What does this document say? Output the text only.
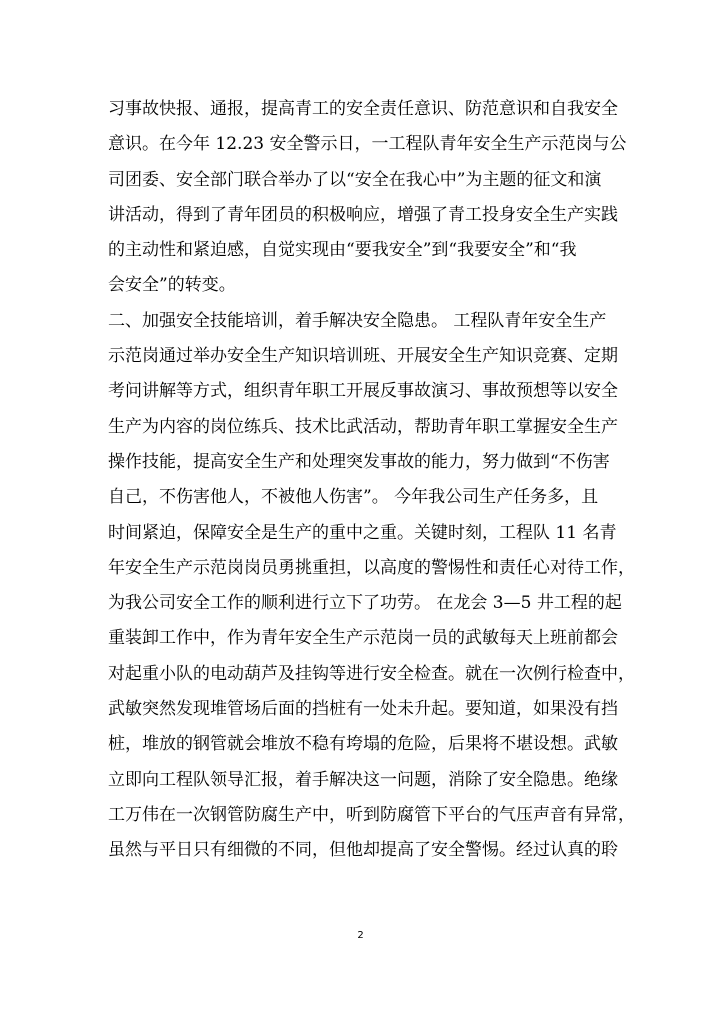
习事故快报、通报，提高青工的安全责任意识、防范意识和自我安全
意识。在今年 12.23 安全警示日，一工程队青年安全生产示范岗与公
司团委、安全部门联合举办了以“安全在我心中”为主题的征文和演
讲活动，得到了青年团员的积极响应，增强了青工投身安全生产实践
的主动性和紧迫感，自觉实现由“要我安全”到“我要安全”和“我
会安全”的转变。
二、加强安全技能培训，着手解决安全隐患。 工程队青年安全生产
示范岗通过举办安全生产知识培训班、开展安全生产知识竞赛、定期
考问讲解等方式，组织青年职工开展反事故演习、事故预想等以安全
生产为内容的岗位练兵、技术比武活动，帮助青年职工掌握安全生产
操作技能，提高安全生产和处理突发事故的能力，努力做到“不伤害
自己，不伤害他人，不被他人伤害”。 今年我公司生产任务多，且
时间紧迫，保障安全是生产的重中之重。关键时刻，工程队 11 名青
年安全生产示范岗岗员勇挑重担，以高度的警惕性和责任心对待工作，
为我公司安全工作的顺利进行立下了功劳。 在龙会 3—5 井工程的起
重装卸工作中，作为青年安全生产示范岗一员的武敏每天上班前都会
对起重小队的电动葫芦及挂钩等进行安全检查。就在一次例行检查中，
武敏突然发现堆管场后面的挡桩有一处未升起。要知道，如果没有挡
桩，堆放的钢管就会堆放不稳有垮塌的危险，后果将不堪设想。武敏
立即向工程队领导汇报，着手解决这一问题，消除了安全隐患。绝缘
工万伟在一次钢管防腐生产中，听到防腐管下平台的气压声音有异常，
虽然与平日只有细微的不同，但他却提高了安全警惕。经过认真的聆
2
